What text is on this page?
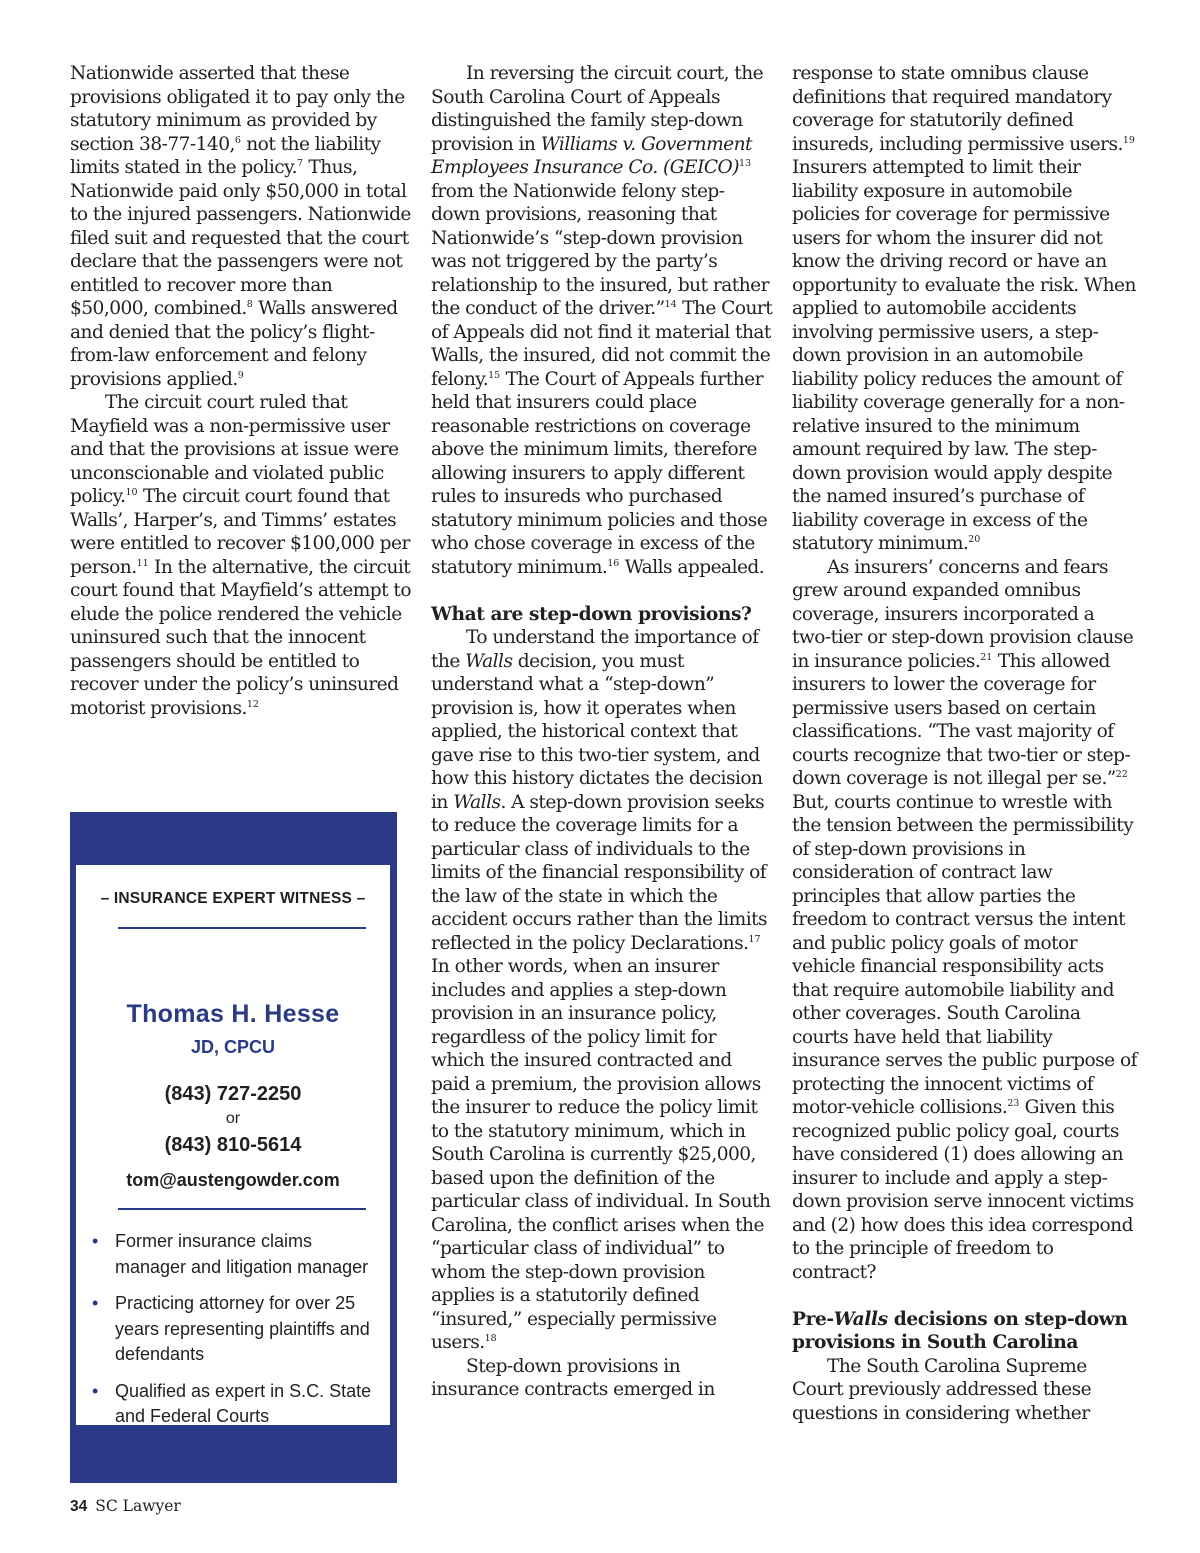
Nationwide asserted that these provisions obligated it to pay only the statutory minimum as provided by section 38-77-140,$^6$ not the liability limits stated in the policy.$^7$ Thus, Nationwide paid only $50,000 in total to the injured passengers. Nationwide filed suit and requested that the court declare that the passengers were not entitled to recover more than $50,000, combined.$^8$ Walls answered and denied that the policy’s flight-from-law enforcement and felony provisions applied.$^9$

The circuit court ruled that Mayfield was a non-permissive user and that the provisions at issue were unconscionable and violated public policy.$^{10}$ The circuit court found that Walls’, Harper’s, and Timms’ estates were entitled to recover $100,000 per person.$^{11}$ In the alternative, the circuit court found that Mayfield’s attempt to elude the police rendered the vehicle uninsured such that the innocent passengers should be entitled to recover under the policy’s uninsured motorist provisions.$^{12}$

– INSURANCE EXPERT WITNESS –
Thomas H. Hesse
JD, CPCU
(843) 727-2250
or
(843) 810-5614
tom@austengowder.com
• Former insurance claims manager and litigation manager
• Practicing attorney for over 25 years representing plaintiffs and defendants
• Qualified as expert in S.C. State and Federal Courts

In reversing the circuit court, the South Carolina Court of Appeals distinguished the family step-down provision in Williams v. Government Employees Insurance Co. (GEICO)$^{13}$ from the Nationwide felony step-down provisions, reasoning that Nationwide’s “step-down provision was not triggered by the party’s relationship to the insured, but rather the conduct of the driver.”$^{14}$ The Court of Appeals did not find it material that Walls, the insured, did not commit the felony.$^{15}$ The Court of Appeals further held that insurers could place reasonable restrictions on coverage above the minimum limits, therefore allowing insurers to apply different rules to insureds who purchased statutory minimum policies and those who chose coverage in excess of the statutory minimum.$^{16}$ Walls appealed.

What are step-down provisions?

To understand the importance of the Walls decision, you must understand what a “step-down” provision is, how it operates when applied, the historical context that gave rise to this two-tier system, and how this history dictates the decision in Walls. A step-down provision seeks to reduce the coverage limits for a particular class of individuals to the limits of the financial responsibility of the law of the state in which the accident occurs rather than the limits reflected in the policy Declarations.$^{17}$ In other words, when an insurer includes and applies a step-down provision in an insurance policy, regardless of the policy limit for which the insured contracted and paid a premium, the provision allows the insurer to reduce the policy limit to the statutory minimum, which in South Carolina is currently $25,000, based upon the definition of the particular class of individual. In South Carolina, the conflict arises when the “particular class of individual” to whom the step-down provision applies is a statutorily defined “insured,” especially permissive users.$^{18}$

Step-down provisions in insurance contracts emerged in

response to state omnibus clause definitions that required mandatory coverage for statutorily defined insureds, including permissive users.$^{19}$ Insurers attempted to limit their liability exposure in automobile policies for coverage for permissive users for whom the insurer did not know the driving record or have an opportunity to evaluate the risk. When applied to automobile accidents involving permissive users, a step-down provision in an automobile liability policy reduces the amount of liability coverage generally for a non-relative insured to the minimum amount required by law. The step-down provision would apply despite the named insured’s purchase of liability coverage in excess of the statutory minimum.$^{20}$

As insurers’ concerns and fears grew around expanded omnibus coverage, insurers incorporated a two-tier or step-down provision clause in insurance policies.$^{21}$ This allowed insurers to lower the coverage for permissive users based on certain classifications. “The vast majority of courts recognize that two-tier or step-down coverage is not illegal per se.”$^{22}$ But, courts continue to wrestle with the tension between the permissibility of step-down provisions in consideration of contract law principles that allow parties the freedom to contract versus the intent and public policy goals of motor vehicle financial responsibility acts that require automobile liability and other coverages. South Carolina courts have held that liability insurance serves the public purpose of protecting the innocent victims of motor-vehicle collisions.$^{23}$ Given this recognized public policy goal, courts have considered (1) does allowing an insurer to include and apply a step-down provision serve innocent victims and (2) how does this idea correspond to the principle of freedom to contract?

Pre-Walls decisions on step-down provisions in South Carolina

The South Carolina Supreme Court previously addressed these questions in considering whether

34 SC Lawyer
